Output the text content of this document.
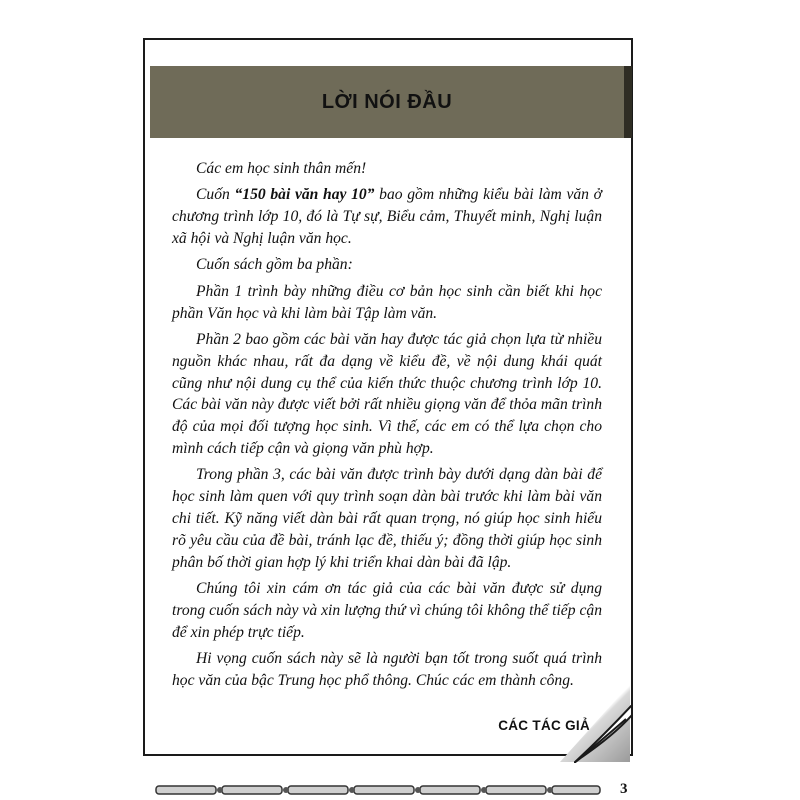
LỜI NÓI ĐẦU

Các em học sinh thân mến!

Cuốn “150 bài văn hay 10” bao gồm những kiểu bài làm văn ở chương trình lớp 10, đó là Tự sự, Biểu cảm, Thuyết minh, Nghị luận xã hội và Nghị luận văn học.

Cuốn sách gồm ba phần:

Phần 1 trình bày những điều cơ bản học sinh cần biết khi học phần Văn học và khi làm bài Tập làm văn.

Phần 2 bao gồm các bài văn hay được tác giả chọn lựa từ nhiều nguồn khác nhau, rất đa dạng về kiểu đề, về nội dung khái quát cũng như nội dung cụ thể của kiến thức thuộc chương trình lớp 10. Các bài văn này được viết bởi rất nhiều giọng văn để thỏa mãn trình độ của mọi đối tượng học sinh. Vì thế, các em có thể lựa chọn cho mình cách tiếp cận và giọng văn phù hợp.

Trong phần 3, các bài văn được trình bày dưới dạng dàn bài để học sinh làm quen với quy trình soạn dàn bài trước khi làm bài văn chi tiết. Kỹ năng viết dàn bài rất quan trọng, nó giúp học sinh hiểu rõ yêu cầu của đề bài, tránh lạc đề, thiếu ý; đồng thời giúp học sinh phân bố thời gian hợp lý khi triển khai dàn bài đã lập.

Chúng tôi xin cám ơn tác giả của các bài văn được sử dụng trong cuốn sách này và xin lượng thứ vì chúng tôi không thể tiếp cận để xin phép trực tiếp.

Hi vọng cuốn sách này sẽ là người bạn tốt trong suốt quá trình học văn của bậc Trung học phổ thông. Chúc các em thành công.

CÁC TÁC GIẢ
3
